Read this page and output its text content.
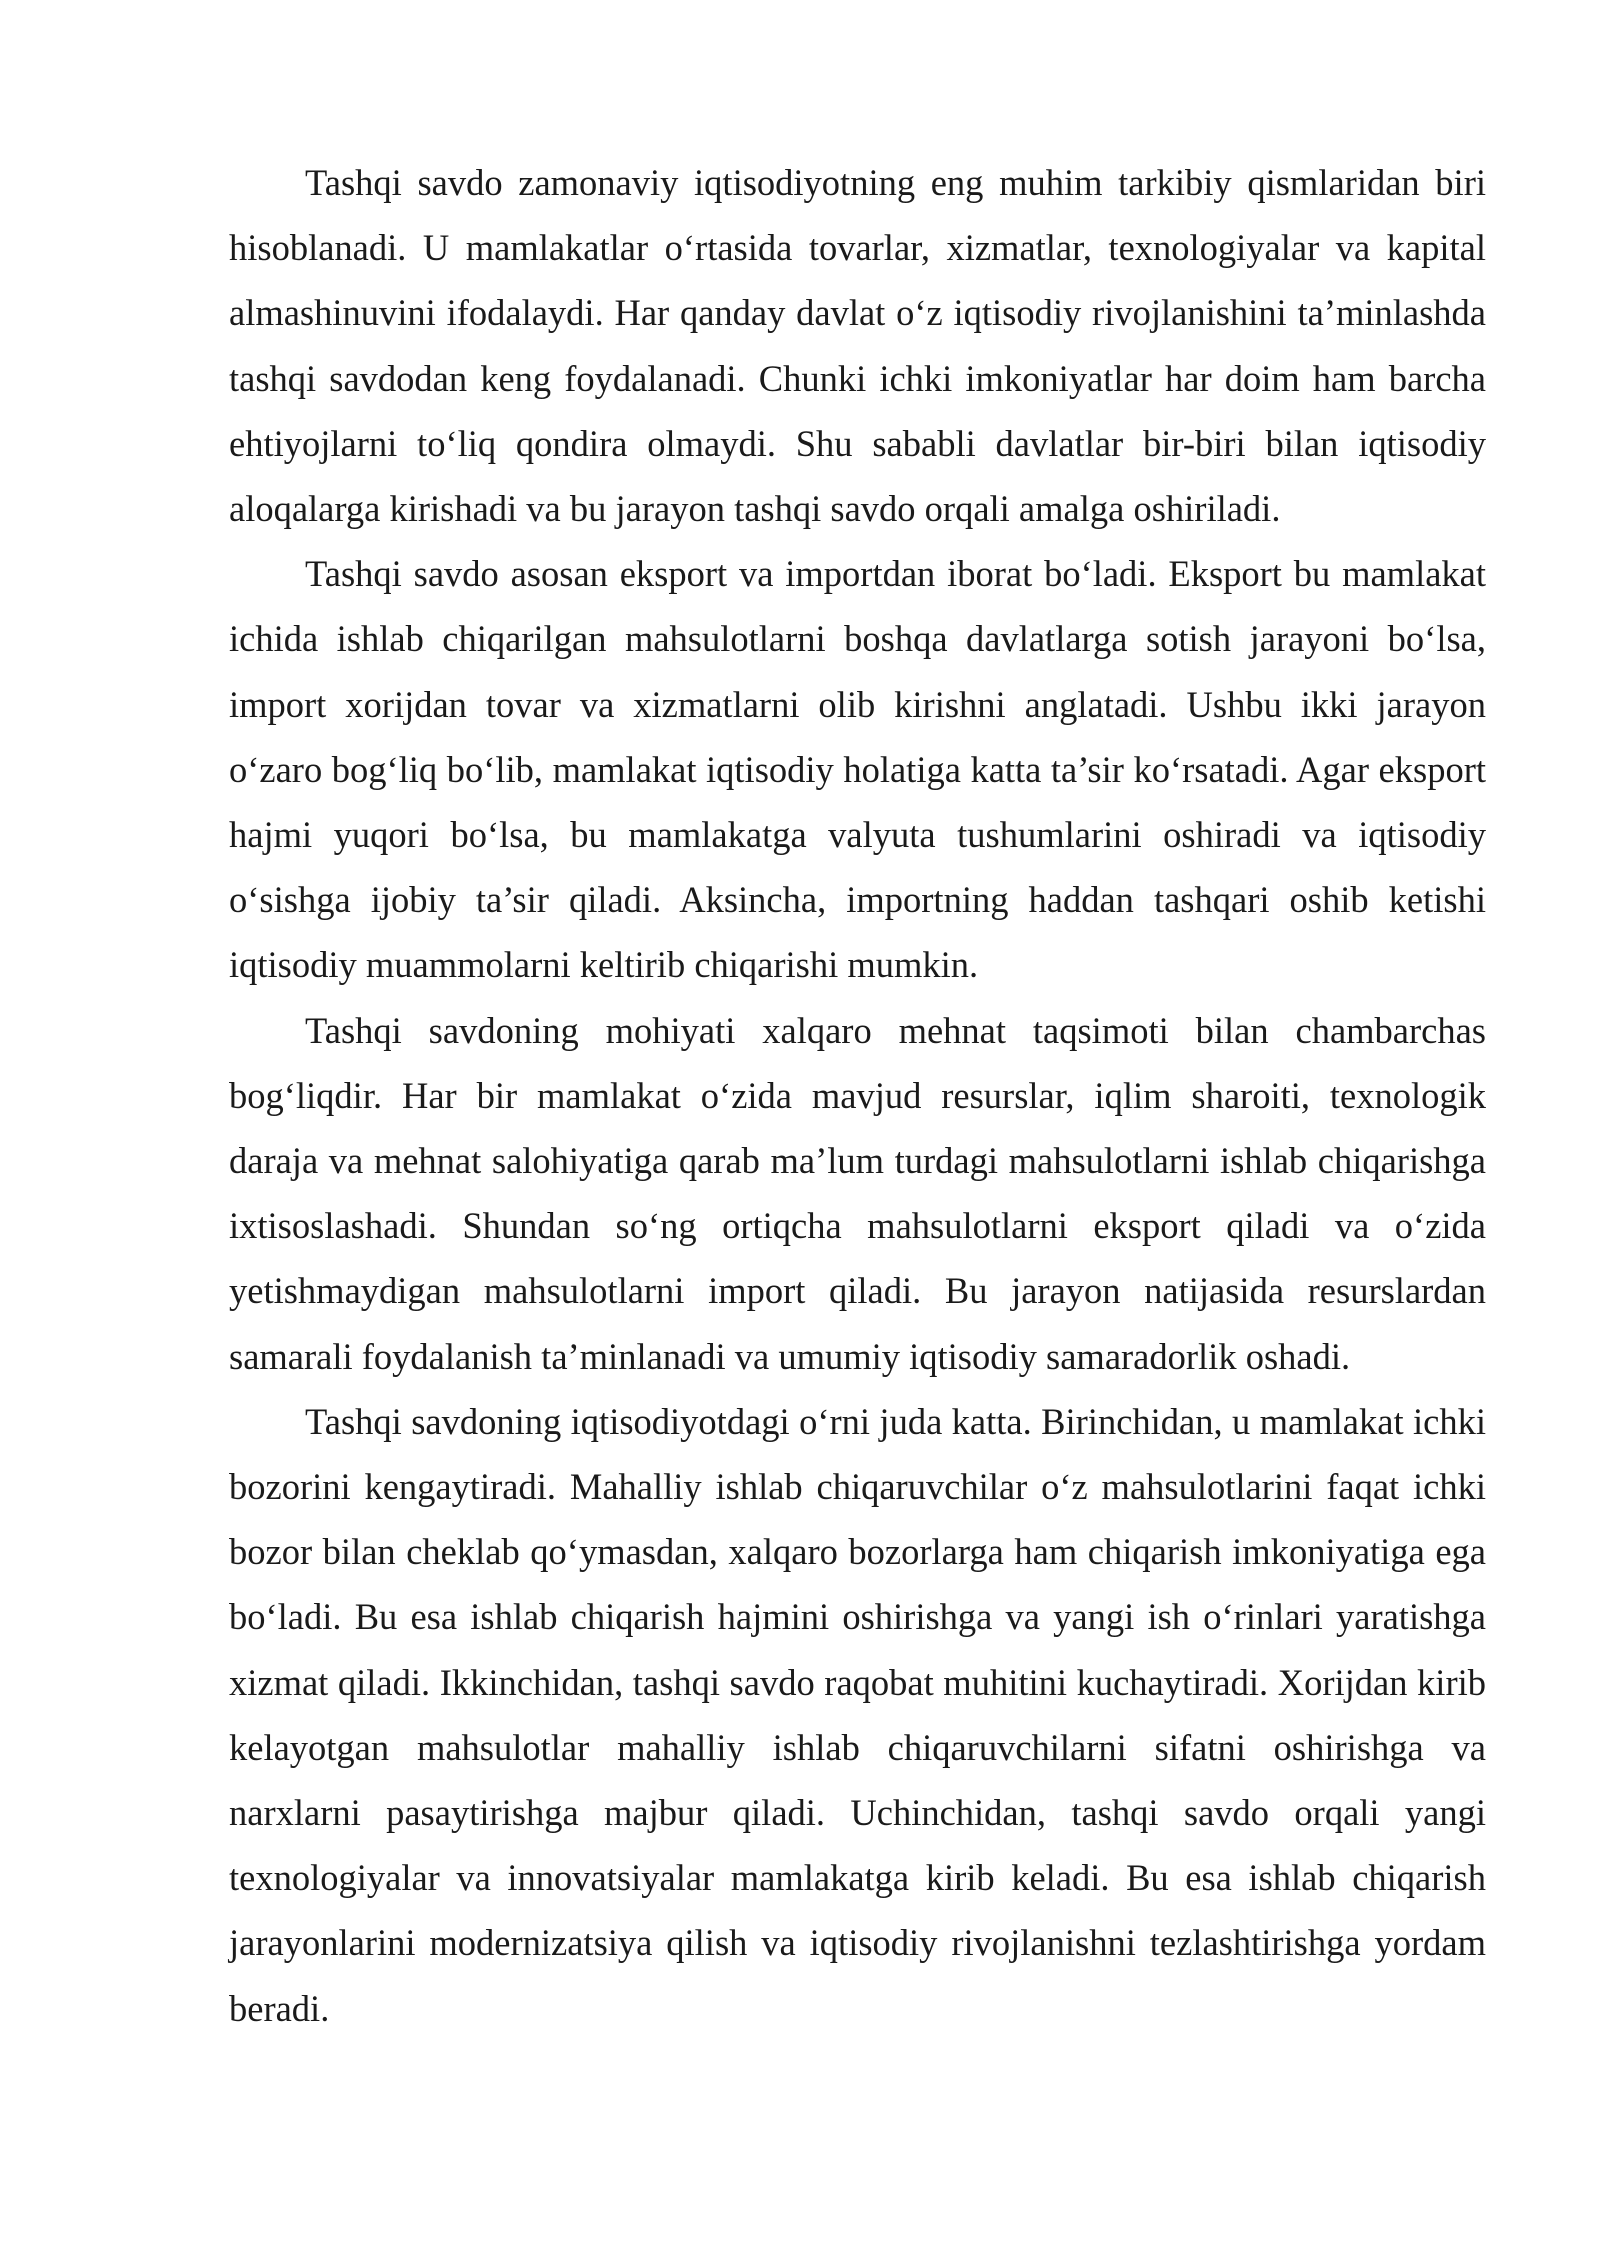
Tashqi savdo zamonaviy iqtisodiyotning eng muhim tarkibiy qismlaridan biri hisoblanadi. U mamlakatlar o‘rtasida tovarlar, xizmatlar, texnologiyalar va kapital almashinuvini ifodalaydi. Har qanday davlat o‘z iqtisodiy rivojlanishini ta’minlashda tashqi savdodan keng foydalanadi. Chunki ichki imkoniyatlar har doim ham barcha ehtiyojlarni to‘liq qondira olmaydi. Shu sababli davlatlar bir-biri bilan iqtisodiy aloqalarga kirishadi va bu jarayon tashqi savdo orqali amalga oshiriladi.

Tashqi savdo asosan eksport va importdan iborat bo‘ladi. Eksport bu mamlakat ichida ishlab chiqarilgan mahsulotlarni boshqa davlatlarga sotish jarayoni bo‘lsa, import xorijdan tovar va xizmatlarni olib kirishni anglatadi. Ushbu ikki jarayon o‘zaro bog‘liq bo‘lib, mamlakat iqtisodiy holatiga katta ta’sir ko‘rsatadi. Agar eksport hajmi yuqori bo‘lsa, bu mamlakatga valyuta tushumlarini oshiradi va iqtisodiy o‘sishga ijobiy ta’sir qiladi. Aksincha, importning haddan tashqari oshib ketishi iqtisodiy muammolarni keltirib chiqarishi mumkin.

Tashqi savdoning mohiyati xalqaro mehnat taqsimoti bilan chambarchas bog‘liqdir. Har bir mamlakat o‘zida mavjud resurslar, iqlim sharoiti, texnologik daraja va mehnat salohiyatiga qarab ma’lum turdagi mahsulotlarni ishlab chiqarishga ixtisoslashadi. Shundan so‘ng ortiqcha mahsulotlarni eksport qiladi va o‘zida yetishmaydigan mahsulotlarni import qiladi. Bu jarayon natijasida resurslardan samarali foydalanish ta’minlanadi va umumiy iqtisodiy samaradorlik oshadi.

Tashqi savdoning iqtisodiyotdagi o‘rni juda katta. Birinchidan, u mamlakat ichki bozorini kengaytiradi. Mahalliy ishlab chiqaruvchilar o‘z mahsulotlarini faqat ichki bozor bilan cheklab qo‘ymasdan, xalqaro bozorlarga ham chiqarish imkoniyatiga ega bo‘ladi. Bu esa ishlab chiqarish hajmini oshirishga va yangi ish o‘rinlari yaratishga xizmat qiladi. Ikkinchidan, tashqi savdo raqobat muhitini kuchaytiradi. Xorijdan kirib kelayotgan mahsulotlar mahalliy ishlab chiqaruvchilarni sifatni oshirishga va narxlarni pasaytirishga majbur qiladi. Uchinchidan, tashqi savdo orqali yangi texnologiyalar va innovatsiyalar mamlakatga kirib keladi. Bu esa ishlab chiqarish jarayonlarini modernizatsiya qilish va iqtisodiy rivojlanishni tezlashtirishga yordam beradi.
